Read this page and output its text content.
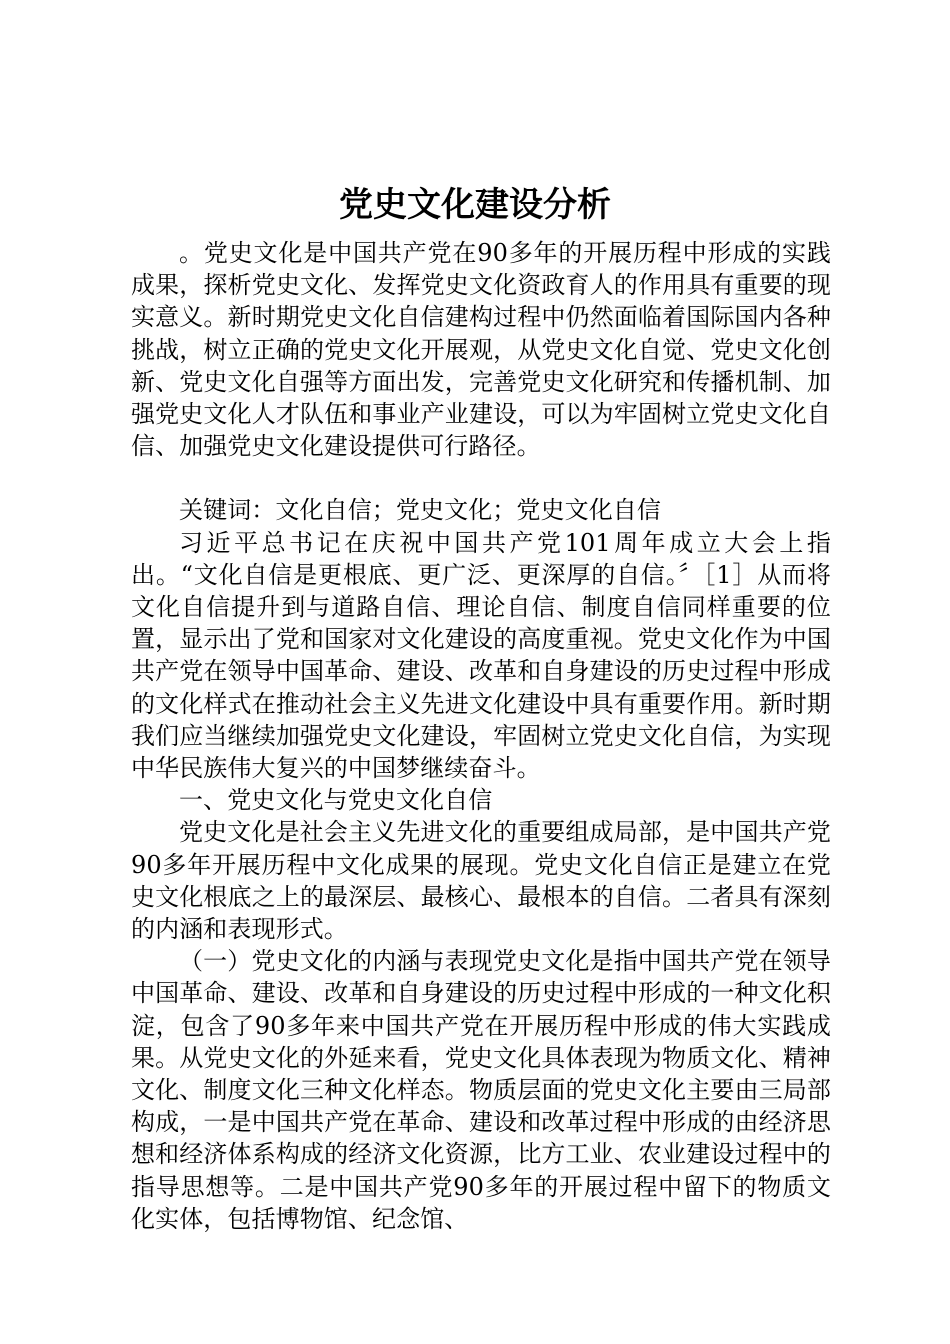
党史文化建设分析

。党史文化是中国共产党在90多年的开展历程中形成的实践成果，探析党史文化、发挥党史文化资政育人的作用具有重要的现实意义。新时期党史文化自信建构过程中仍然面临着国际国内各种挑战，树立正确的党史文化开展观，从党史文化自觉、党史文化创新、党史文化自强等方面出发，完善党史文化研究和传播机制、加强党史文化人才队伍和事业产业建设，可以为牢固树立党史文化自信、加强党史文化建设提供可行路径。

关键词：文化自信；党史文化；党史文化自信

习近平总书记在庆祝中国共产党101周年成立大会上指出。“文化自信是更根底、更广泛、更深厚的自信。〞［1］从而将文化自信提升到与道路自信、理论自信、制度自信同样重要的位置，显示出了党和国家对文化建设的高度重视。党史文化作为中国共产党在领导中国革命、建设、改革和自身建设的历史过程中形成的文化样式在推动社会主义先进文化建设中具有重要作用。新时期我们应当继续加强党史文化建设，牢固树立党史文化自信，为实现中华民族伟大复兴的中国梦继续奋斗。

一、党史文化与党史文化自信

党史文化是社会主义先进文化的重要组成局部，是中国共产党90多年开展历程中文化成果的展现。党史文化自信正是建立在党史文化根底之上的最深层、最核心、最根本的自信。二者具有深刻的内涵和表现形式。

（一）党史文化的内涵与表现党史文化是指中国共产党在领导中国革命、建设、改革和自身建设的历史过程中形成的一种文化积淀，包含了90多年来中国共产党在开展历程中形成的伟大实践成果。从党史文化的外延来看，党史文化具体表现为物质文化、精神文化、制度文化三种文化样态。物质层面的党史文化主要由三局部构成，一是中国共产党在革命、建设和改革过程中形成的由经济思想和经济体系构成的经济文化资源，比方工业、农业建设过程中的指导思想等。二是中国共产党90多年的开展过程中留下的物质文化实体，包括博物馆、纪念馆、
